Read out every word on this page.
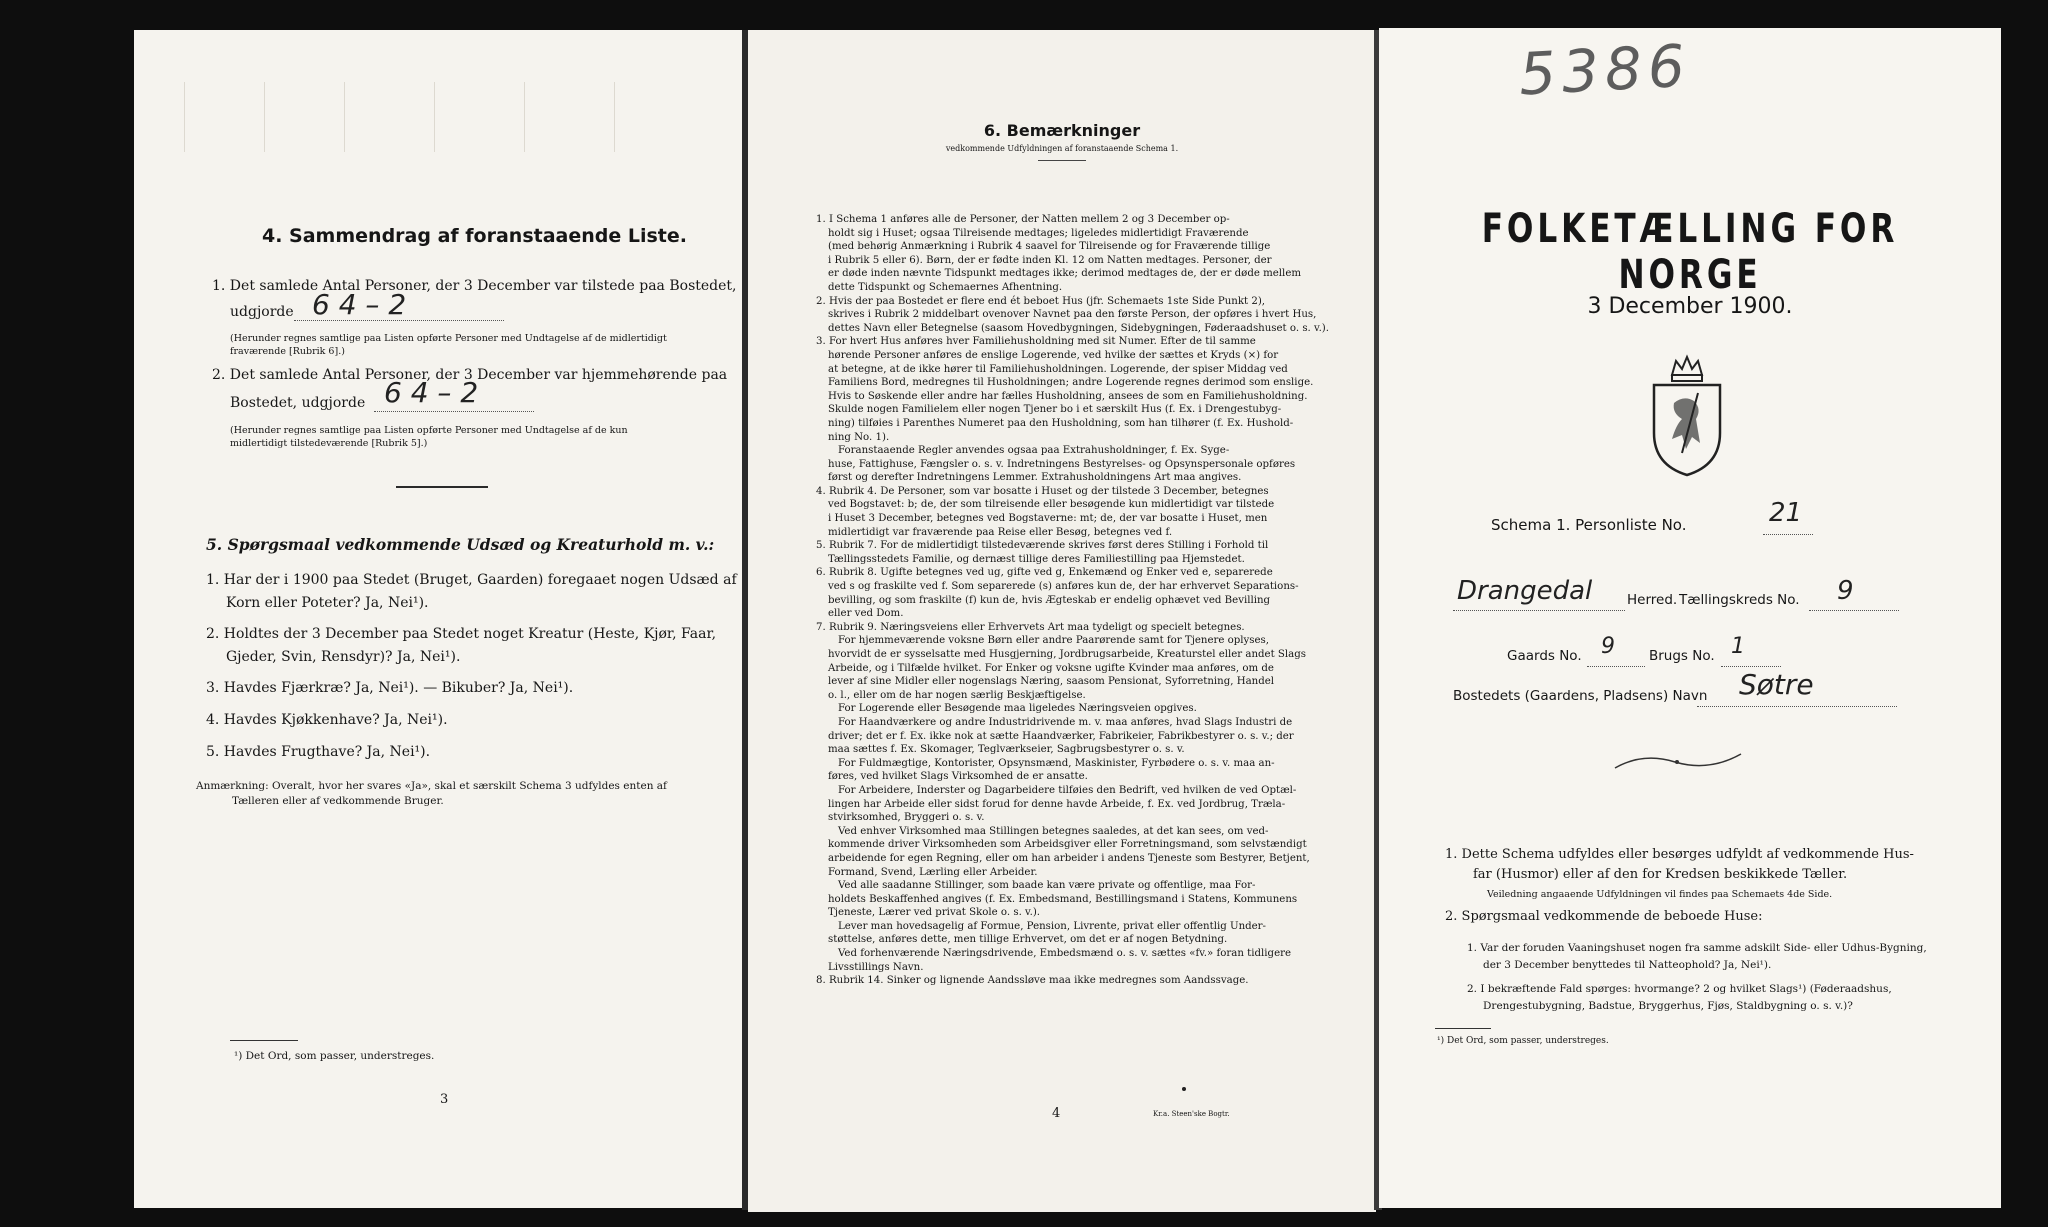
4. Sammendrag af foranstaaende Liste.
1. Det samlede Antal Personer, der 3 December var tilstede paa Bostedet,
udgjorde 6 4 – 2
(Herunder regnes samtlige paa Listen opførte Personer med Undtagelse af de midlertidigt
fraværende [Rubrik 6].)
2. Det samlede Antal Personer, der 3 December var hjemmehørende paa
Bostedet, udgjorde 6 4 – 2
(Herunder regnes samtlige paa Listen opførte Personer med Undtagelse af de kun
midlertidigt tilstedeværende [Rubrik 5].)
5. Spørgsmaal vedkommende Udsæd og Kreaturhold m. v.:
1. Har der i 1900 paa Stedet (Bruget, Gaarden) foregaaet nogen Udsæd af
Korn eller Poteter? Ja, Nei¹).
2. Holdtes der 3 December paa Stedet noget Kreatur (Heste, Kjør, Faar,
Gjeder, Svin, Rensdyr)? Ja, Nei¹).
3. Havdes Fjærkræ? Ja, Nei¹). — Bikuber? Ja, Nei¹).
4. Havdes Kjøkkenhave? Ja, Nei¹).
5. Havdes Frugthave? Ja, Nei¹).
Anmærkning: Overalt, hvor her svares «Ja», skal et særskilt Schema 3 udfyldes enten af
Tælleren eller af vedkommende Bruger.
¹) Det Ord, som passer, understreges.
3
6. Bemærkninger
vedkommende Udfyldningen af foranstaaende Schema 1.

1. I Schema 1 anføres alle de Personer, der Natten mellem 2 og 3 December op-

holdt sig i Huset; ogsaa Tilreisende medtages; ligeledes midlertidigt Fraværende

(med behørig Anmærkning i Rubrik 4 saavel for Tilreisende og for Fraværende tillige

i Rubrik 5 eller 6). Børn, der er fødte inden Kl. 12 om Natten medtages. Personer, der

er døde inden nævnte Tidspunkt medtages ikke; derimod medtages de, der er døde mellem

dette Tidspunkt og Schemaernes Afhentning.

2. Hvis der paa Bostedet er flere end ét beboet Hus (jfr. Schemaets 1ste Side Punkt 2),

skrives i Rubrik 2 middelbart ovenover Navnet paa den første Person, der opføres i hvert Hus,

dettes Navn eller Betegnelse (saasom Hovedbygningen, Sidebygningen, Føderaadshuset o. s. v.).

3. For hvert Hus anføres hver Familiehusholdning med sit Numer. Efter de til samme

hørende Personer anføres de enslige Logerende, ved hvilke der sættes et Kryds (×) for

at betegne, at de ikke hører til Familiehusholdningen. Logerende, der spiser Middag ved

Familiens Bord, medregnes til Husholdningen; andre Logerende regnes derimod som enslige.

Hvis to Søskende eller andre har fælles Husholdning, ansees de som en Familiehusholdning.

Skulde nogen Familielem eller nogen Tjener bo i et særskilt Hus (f. Ex. i Drengestubyg-

ning) tilføies i Parenthes Numeret paa den Husholdning, som han tilhører (f. Ex. Hushold-

ning No. 1).

Foranstaaende Regler anvendes ogsaa paa Extrahusholdninger, f. Ex. Syge-

huse, Fattighuse, Fængsler o. s. v. Indretningens Bestyrelses- og Opsynspersonale opføres

først og derefter Indretningens Lemmer. Extrahusholdningens Art maa angives.

4. Rubrik 4. De Personer, som var bosatte i Huset og der tilstede 3 December, betegnes

ved Bogstavet: b; de, der som tilreisende eller besøgende kun midlertidigt var tilstede

i Huset 3 December, betegnes ved Bogstaverne: mt; de, der var bosatte i Huset, men

midlertidigt var fraværende paa Reise eller Besøg, betegnes ved f.

5. Rubrik 7. For de midlertidigt tilstedeværende skrives først deres Stilling i Forhold til

Tællingsstedets Familie, og dernæst tillige deres Familiestilling paa Hjemstedet.

6. Rubrik 8. Ugifte betegnes ved ug, gifte ved g, Enkemænd og Enker ved e, separerede

ved s og fraskilte ved f. Som separerede (s) anføres kun de, der har erhvervet Separations-

bevilling, og som fraskilte (f) kun de, hvis Ægteskab er endelig ophævet ved Bevilling

eller ved Dom.

7. Rubrik 9. Næringsveiens eller Erhvervets Art maa tydeligt og specielt betegnes.

For hjemmeværende voksne Børn eller andre Paarørende samt for Tjenere oplyses,

hvorvidt de er sysselsatte med Husgjerning, Jordbrugsarbeide, Kreaturstel eller andet Slags

Arbeide, og i Tilfælde hvilket. For Enker og voksne ugifte Kvinder maa anføres, om de

lever af sine Midler eller nogenslags Næring, saasom Pensionat, Syforretning, Handel

o. l., eller om de har nogen særlig Beskjæftigelse.

For Logerende eller Besøgende maa ligeledes Næringsveien opgives.

For Haandværkere og andre Industridrivende m. v. maa anføres, hvad Slags Industri de

driver; det er f. Ex. ikke nok at sætte Haandværker, Fabrikeier, Fabrikbestyrer o. s. v.; der

maa sættes f. Ex. Skomager, Teglværkseier, Sagbrugsbestyrer o. s. v.

For Fuldmægtige, Kontorister, Opsynsmænd, Maskinister, Fyrbødere o. s. v. maa an-

føres, ved hvilket Slags Virksomhed de er ansatte.

For Arbeidere, Inderster og Dagarbeidere tilføies den Bedrift, ved hvilken de ved Optæl-

lingen har Arbeide eller sidst forud for denne havde Arbeide, f. Ex. ved Jordbrug, Træla-

stvirksomhed, Bryggeri o. s. v.

Ved enhver Virksomhed maa Stillingen betegnes saaledes, at det kan sees, om ved-

kommende driver Virksomheden som Arbeidsgiver eller Forretningsmand, som selvstændigt

arbeidende for egen Regning, eller om han arbeider i andens Tjeneste som Bestyrer, Betjent,

Formand, Svend, Lærling eller Arbeider.

Ved alle saadanne Stillinger, som baade kan være private og offentlige, maa For-

holdets Beskaffenhed angives (f. Ex. Embedsmand, Bestillingsmand i Statens, Kommunens

Tjeneste, Lærer ved privat Skole o. s. v.).

Lever man hovedsagelig af Formue, Pension, Livrente, privat eller offentlig Under-

støttelse, anføres dette, men tillige Erhvervet, om det er af nogen Betydning.

Ved forhenværende Næringsdrivende, Embedsmænd o. s. v. sættes «fv.» foran tidligere

Livsstillings Navn.

8. Rubrik 14. Sinker og lignende Aandssløve maa ikke medregnes som Aandssvage.

4	Kr.a. Steen'ske Bogtr.
5386
FOLKETÆLLING FOR NORGE
3 December 1900.
Schema 1. Personliste No.	21
Drangedal	Herred. Tællingskreds No. 9
Gaards No. 9	Brugs No. 1
Bostedets (Gaardens, Pladsens) Navn Søtre
1. Dette Schema udfyldes eller besørges udfyldt af vedkommende Hus-
far (Husmor) eller af den for Kredsen beskikkede Tæller.
Veiledning angaaende Udfyldningen vil findes paa Schemaets 4de Side.
2. Spørgsmaal vedkommende de beboede Huse:
1. Var der foruden Vaaningshuset nogen fra samme adskilt Side- eller Udhus-Bygning,
der 3 December benyttedes til Natteophold? Ja, Nei¹).
2. I bekræftende Fald spørges: hvormange? 2 og hvilket Slags¹) (Føderaadshus,
Drengestubygning, Badstue, Bryggerhus, Fjøs, Staldbygning o. s. v.)?
¹) Det Ord, som passer, understreges.
